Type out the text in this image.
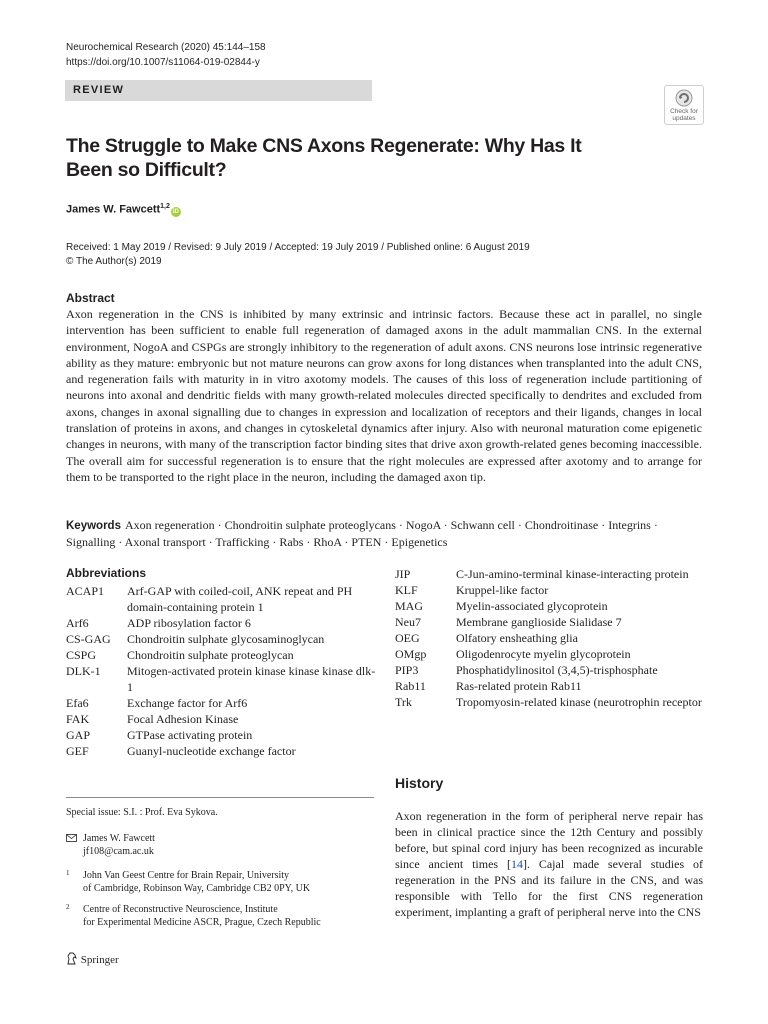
Neurochemical Research (2020) 45:144–158
https://doi.org/10.1007/s11064-019-02844-y
REVIEW
Check for
updates
The Struggle to Make CNS Axons Regenerate: Why Has It Been so Difficult?
James W. Fawcett$^{1,2}$iD
Received: 1 May 2019 / Revised: 9 July 2019 / Accepted: 19 July 2019 / Published online: 6 August 2019
© The Author(s) 2019
Abstract
Axon regeneration in the CNS is inhibited by many extrinsic and intrinsic factors. Because these act in parallel, no single intervention has been sufficient to enable full regeneration of damaged axons in the adult mammalian CNS. In the external environment, NogoA and CSPGs are strongly inhibitory to the regeneration of adult axons. CNS neurons lose intrinsic regenerative ability as they mature: embryonic but not mature neurons can grow axons for long distances when transplanted into the adult CNS, and regeneration fails with maturity in in vitro axotomy models. The causes of this loss of regeneration include partitioning of neurons into axonal and dendritic fields with many growth-related molecules directed specifically to dendrites and excluded from axons, changes in axonal signalling due to changes in expression and localization of receptors and their ligands, changes in local translation of proteins in axons, and changes in cytoskeletal dynamics after injury. Also with neuronal maturation come epigenetic changes in neurons, with many of the transcription factor binding sites that drive axon growth-related genes becoming inaccessible. The overall aim for successful regeneration is to ensure that the right molecules are expressed after axotomy and to arrange for them to be transported to the right place in the neuron, including the damaged axon tip.
Keywords Axon regeneration · Chondroitin sulphate proteoglycans · NogoA · Schwann cell · Chondroitinase · Integrins · Signalling · Axonal transport · Trafficking · Rabs · RhoA · PTEN · Epigenetics
Abbreviations
ACAP1	Arf-GAP with coiled-coil, ANK repeat and PH domain-containing protein 1
Arf6	ADP ribosylation factor 6
CS-GAG	Chondroitin sulphate glycosaminoglycan
CSPG	Chondroitin sulphate proteoglycan
DLK-1	Mitogen-activated protein kinase kinase kinase dlk-1
Efa6	Exchange factor for Arf6
FAK	Focal Adhesion Kinase
GAP	GTPase activating protein
GEF	Guanyl-nucleotide exchange factor
JIP	C-Jun-amino-terminal kinase-interacting protein
KLF	Kruppel-like factor
MAG	Myelin-associated glycoprotein
Neu7	Membrane ganglioside Sialidase 7
OEG	Olfatory ensheathing glia
OMgp	Oligodenrocyte myelin glycoprotein
PIP3	Phosphatidylinositol (3,4,5)-trisphosphate
Rab11	Ras-related protein Rab11
Trk	Tropomyosin-related kinase (neurotrophin receptor
History
Axon regeneration in the form of peripheral nerve repair has been in clinical practice since the 12th Century and possibly before, but spinal cord injury has been recognized as incurable since ancient times [14]. Cajal made several studies of regeneration in the PNS and its failure in the CNS, and was responsible with Tello for the first CNS regeneration experiment, implanting a graft of peripheral nerve into the CNS
Special issue: S.I. : Prof. Eva Sykova.
James W. Fawcett
jf108@cam.ac.uk
1 John Van Geest Centre for Brain Repair, University
of Cambridge, Robinson Way, Cambridge CB2 0PY, UK
2 Centre of Reconstructive Neuroscience, Institute
for Experimental Medicine ASCR, Prague, Czech Republic
Springer
